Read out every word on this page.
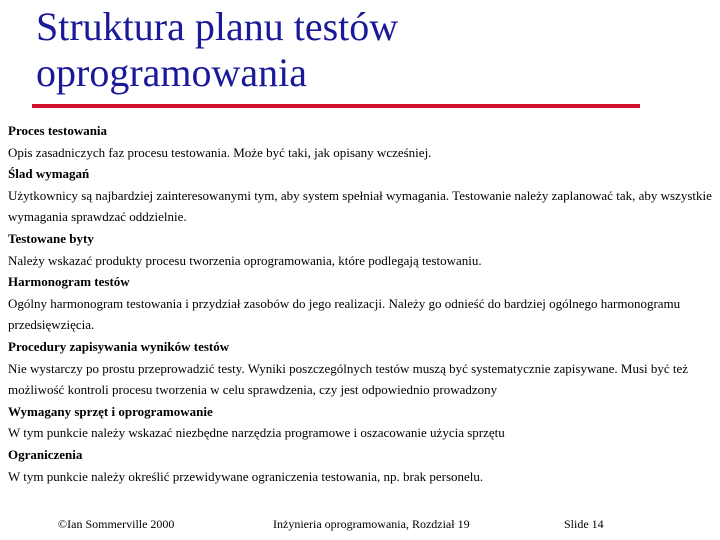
Struktura planu testów
oprogramowania

Proces testowania

Opis zasadniczych faz procesu testowania. Może być taki, jak opisany wcześniej.

Ślad wymagań

Użytkownicy są najbardziej zainteresowanymi tym, aby system spełniał wymagania. Testowanie należy zaplanować tak, aby wszystkie wymagania sprawdzać oddzielnie.

Testowane byty

Należy wskazać produkty procesu tworzenia oprogramowania, które podlegają testowaniu.

Harmonogram testów

Ogólny harmonogram testowania i przydział zasobów do jego realizacji. Należy go odnieść do bardziej ogólnego harmonogramu przedsięwzięcia.

Procedury zapisywania wyników testów

Nie wystarczy po prostu przeprowadzić testy. Wyniki poszczególnych testów muszą być systematycznie zapisywane. Musi być też możliwość kontroli procesu tworzenia w celu sprawdzenia, czy jest odpowiednio prowadzony

Wymagany sprzęt i oprogramowanie

W tym punkcie należy wskazać niezbędne narzędzia programowe i oszacowanie użycia sprzętu

Ograniczenia

W tym punkcie należy określić przewidywane ograniczenia testowania, np. brak personelu.

©Ian Sommerville 2000	Inżynieria oprogramowania, Rozdział 19	Slide 14
